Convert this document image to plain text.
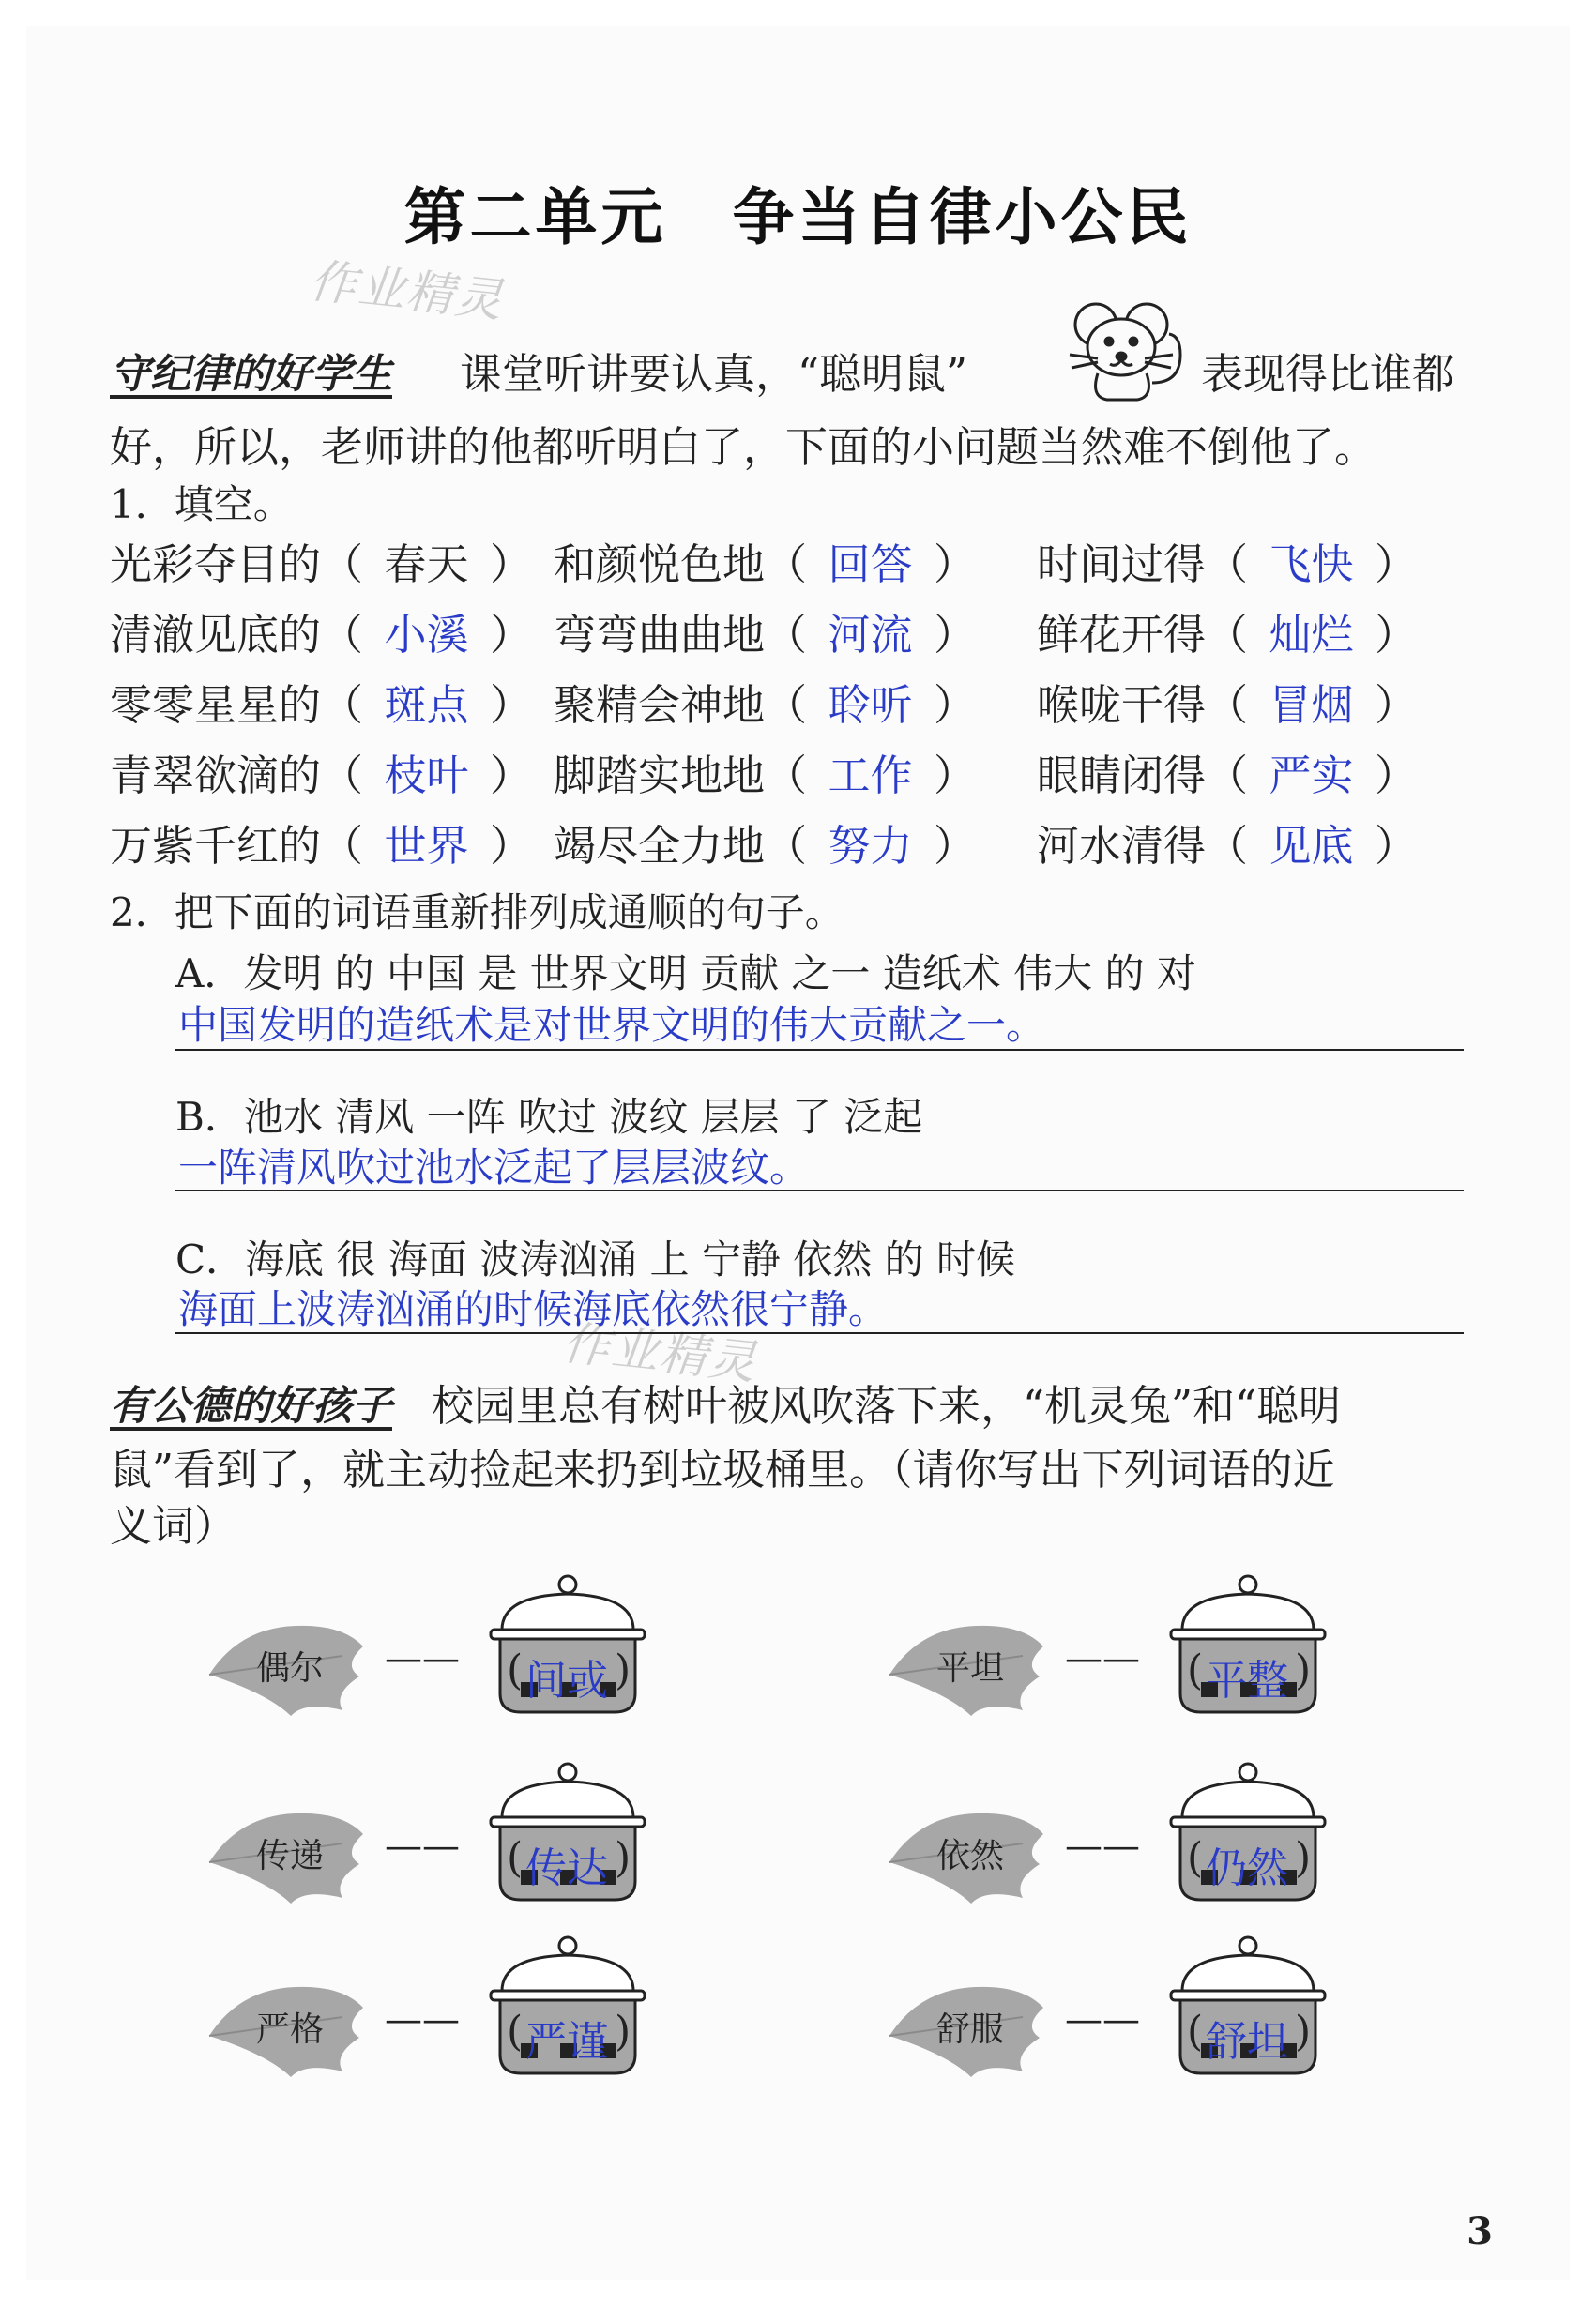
第二单元　争当自律小公民
作业精灵
作业精灵
守纪律的好学生 课堂听讲要认真，“聪明鼠”	表现得比谁都
好，所以，老师讲的他都听明白了，下面的小问题当然难不倒他了。
1．填空。
光彩夺目的（  春天  ） 和颜悦色地（  回答  ） 时间过得（  飞快  ）
清澈见底的（  小溪  ） 弯弯曲曲地（  河流  ） 鲜花开得（  灿烂  ）
零零星星的（  斑点  ） 聚精会神地（  聆听  ） 喉咙干得（  冒烟  ）
青翠欲滴的（  枝叶  ） 脚踏实地地（  工作  ） 眼睛闭得（  严实  ）
万紫千红的（  世界  ） 竭尽全力地（  努力  ） 河水清得（  见底  ）
2．把下面的词语重新排列成通顺的句子。
A．发明 的 中国 是 世界文明 贡献 之一 造纸术 伟大 的 对
中国发明的造纸术是对世界文明的伟大贡献之一。
B．池水 清风 一阵 吹过 波纹 层层 了 泛起
一阵清风吹过池水泛起了层层波纹。
C．海底 很 海面 波涛汹涌 上 宁静 依然 的 时候
海面上波涛汹涌的时候海底依然很宁静。
有公德的好孩子 校园里总有树叶被风吹落下来，“机灵兔”和“聪明
鼠”看到了，就主动捡起来扔到垃圾桶里。（请你写出下列词语的近
义词）
偶尔 —— ( 间或 )	平坦 —— ( 平整 )
传递 —— ( 传达 )	依然 —— ( 仍然 )
严格 —— ( 严谨 )	舒服 —— ( 舒坦 )
3
